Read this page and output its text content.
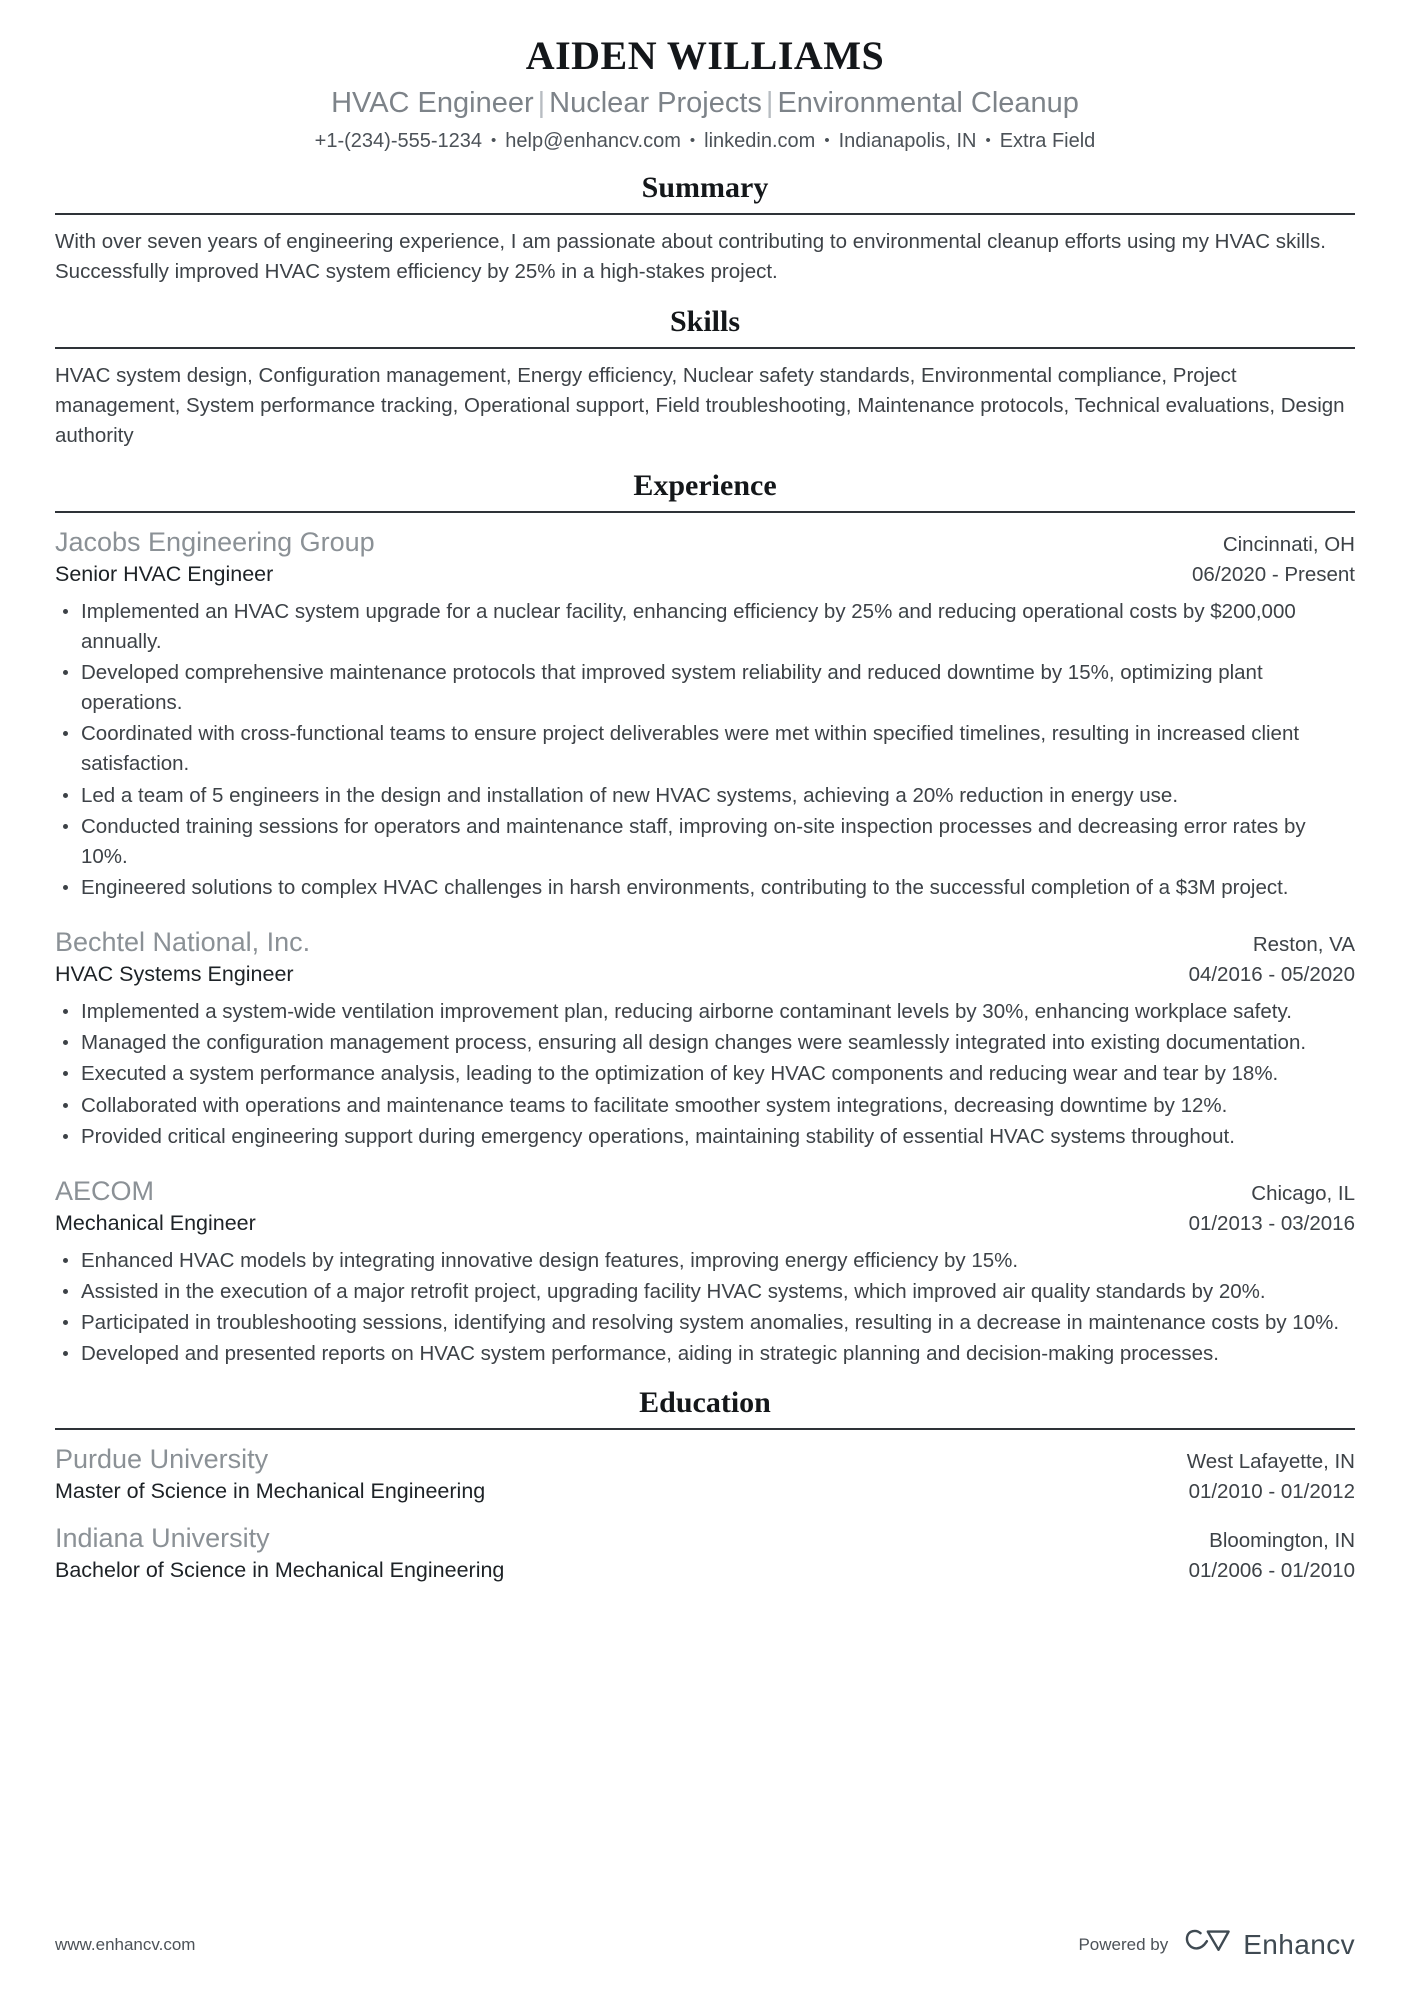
AIDEN WILLIAMS
HVAC Engineer | Nuclear Projects | Environmental Cleanup
+1-(234)-555-1234 • help@enhancv.com • linkedin.com • Indianapolis, IN • Extra Field
Summary
With over seven years of engineering experience, I am passionate about contributing to environmental cleanup efforts using my HVAC skills. Successfully improved HVAC system efficiency by 25% in a high-stakes project.
Skills
HVAC system design, Configuration management, Energy efficiency, Nuclear safety standards, Environmental compliance, Project management, System performance tracking, Operational support, Field troubleshooting, Maintenance protocols, Technical evaluations, Design authority
Experience
Jacobs Engineering Group	Cincinnati, OH
Senior HVAC Engineer	06/2020 - Present
Implemented an HVAC system upgrade for a nuclear facility, enhancing efficiency by 25% and reducing operational costs by $200,000 annually.
Developed comprehensive maintenance protocols that improved system reliability and reduced downtime by 15%, optimizing plant operations.
Coordinated with cross-functional teams to ensure project deliverables were met within specified timelines, resulting in increased client satisfaction.
Led a team of 5 engineers in the design and installation of new HVAC systems, achieving a 20% reduction in energy use.
Conducted training sessions for operators and maintenance staff, improving on-site inspection processes and decreasing error rates by 10%.
Engineered solutions to complex HVAC challenges in harsh environments, contributing to the successful completion of a $3M project.
Bechtel National, Inc.	Reston, VA
HVAC Systems Engineer	04/2016 - 05/2020
Implemented a system-wide ventilation improvement plan, reducing airborne contaminant levels by 30%, enhancing workplace safety.
Managed the configuration management process, ensuring all design changes were seamlessly integrated into existing documentation.
Executed a system performance analysis, leading to the optimization of key HVAC components and reducing wear and tear by 18%.
Collaborated with operations and maintenance teams to facilitate smoother system integrations, decreasing downtime by 12%.
Provided critical engineering support during emergency operations, maintaining stability of essential HVAC systems throughout.
AECOM	Chicago, IL
Mechanical Engineer	01/2013 - 03/2016
Enhanced HVAC models by integrating innovative design features, improving energy efficiency by 15%.
Assisted in the execution of a major retrofit project, upgrading facility HVAC systems, which improved air quality standards by 20%.
Participated in troubleshooting sessions, identifying and resolving system anomalies, resulting in a decrease in maintenance costs by 10%.
Developed and presented reports on HVAC system performance, aiding in strategic planning and decision-making processes.
Education
Purdue University	West Lafayette, IN
Master of Science in Mechanical Engineering	01/2010 - 01/2012
Indiana University	Bloomington, IN
Bachelor of Science in Mechanical Engineering	01/2006 - 01/2010
www.enhancv.com	Powered by	Enhancv
